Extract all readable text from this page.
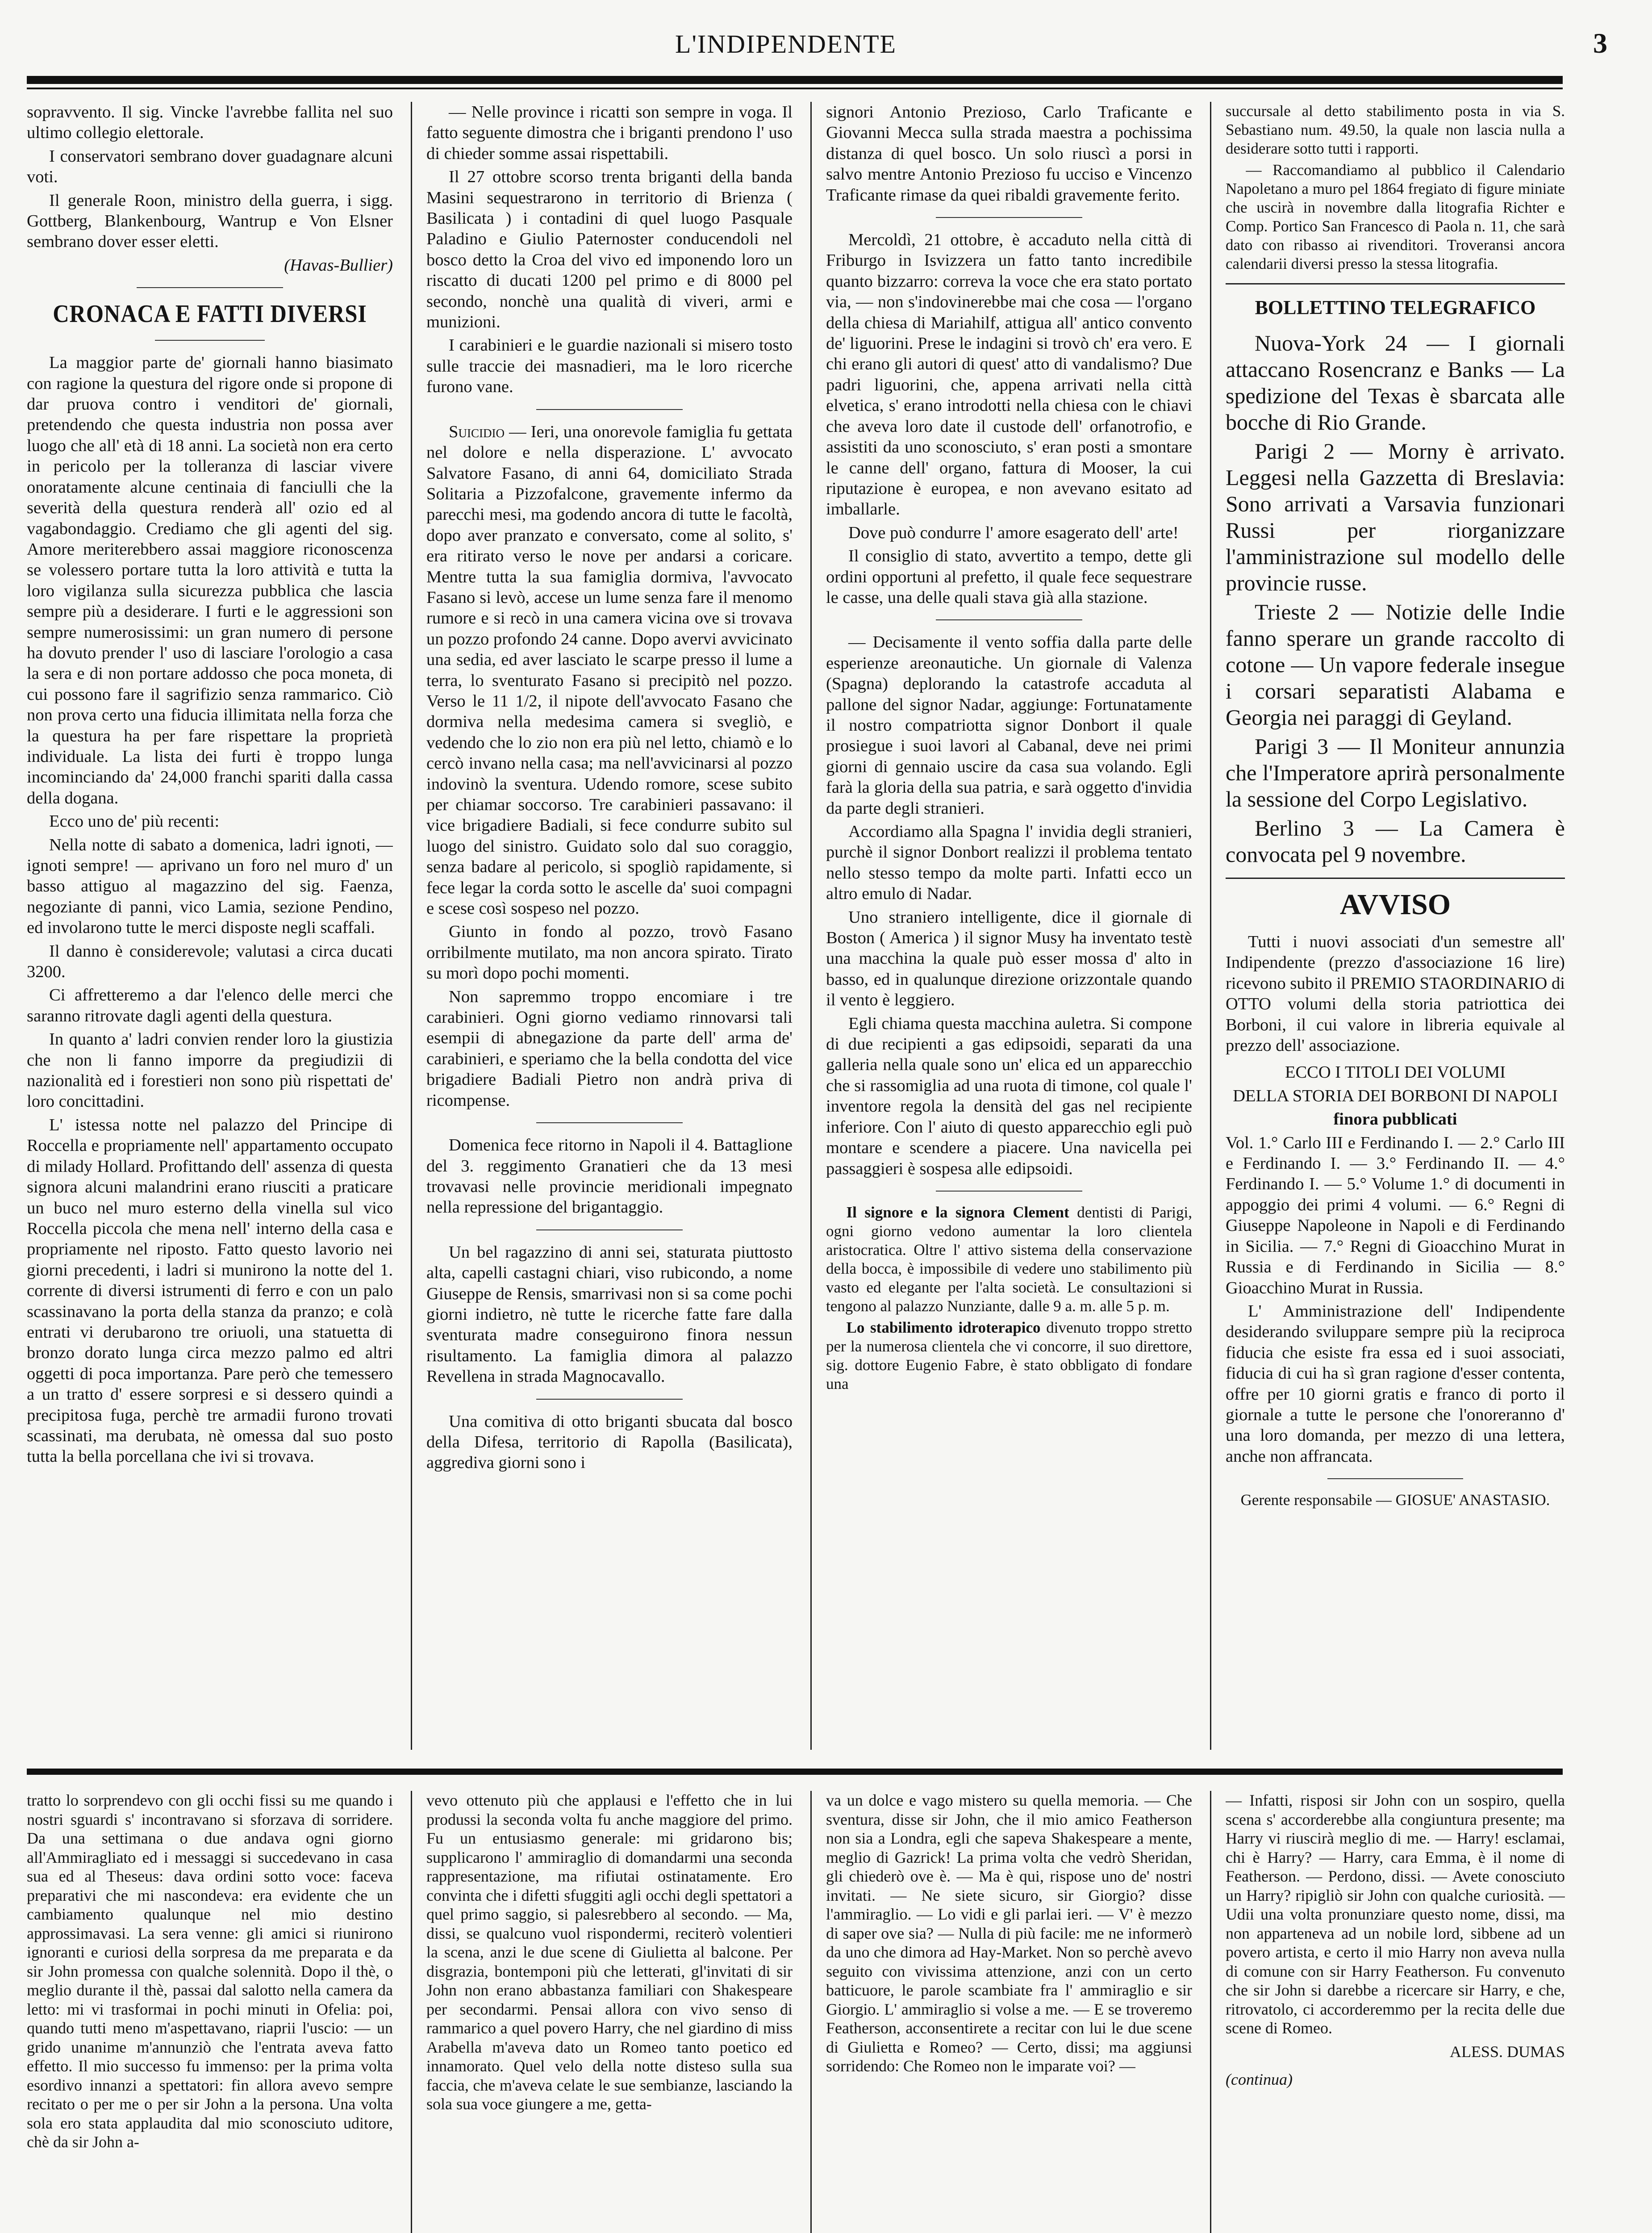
L'INDIPENDENTE	3

sopravvento. Il sig. Vincke l'avrebbe fallita nel suo ultimo collegio elettorale.

I conservatori sembrano dover guadagnare alcuni voti.

Il generale Roon, ministro della guerra, i sigg. Gottberg, Blankenbourg, Wantrup e Von Elsner sembrano dover esser eletti.

(Havas-Bullier)

CRONACA E FATTI DIVERSI

La maggior parte de' giornali hanno biasimato con ragione la questura del rigore onde si propone di dar pruova contro i venditori de' giornali, pretendendo che questa industria non possa aver luogo che all' età di 18 anni. La società non era certo in pericolo per la tolleranza di lasciar vivere onoratamente alcune centinaia di fanciulli che la severità della questura renderà all' ozio ed al vagabondaggio. Crediamo che gli agenti del sig. Amore meriterebbero assai maggiore riconoscenza se volessero portare tutta la loro attività e tutta la loro vigilanza sulla sicurezza pubblica che lascia sempre più a desiderare. I furti e le aggressioni son sempre numerosissimi: un gran numero di persone ha dovuto prender l' uso di lasciare l'orologio a casa la sera e di non portare addosso che poca moneta, di cui possono fare il sagrifizio senza rammarico. Ciò non prova certo una fiducia illimitata nella forza che la questura ha per fare rispettare la proprietà individuale. La lista dei furti è troppo lunga incominciando da' 24,000 franchi spariti dalla cassa della dogana.

Ecco uno de' più recenti:

Nella notte di sabato a domenica, ladri ignoti, — ignoti sempre! — aprivano un foro nel muro d' un basso attiguo al magazzino del sig. Faenza, negoziante di panni, vico Lamia, sezione Pendino, ed involarono tutte le merci disposte negli scaffali.

Il danno è considerevole; valutasi a circa ducati 3200.

Ci affretteremo a dar l'elenco delle merci che saranno ritrovate dagli agenti della questura.

In quanto a' ladri convien render loro la giustizia che non li fanno imporre da pregiudizii di nazionalità ed i forestieri non sono più rispettati de' loro concittadini.

L' istessa notte nel palazzo del Principe di Roccella e propriamente nell' appartamento occupato di milady Hollard. Profittando dell' assenza di questa signora alcuni malandrini erano riusciti a praticare un buco nel muro esterno della vinella sul vico Roccella piccola che mena nell' interno della casa e propriamente nel riposto. Fatto questo lavorio nei giorni precedenti, i ladri si munirono la notte del 1. corrente di diversi istrumenti di ferro e con un palo scassinavano la porta della stanza da pranzo; e colà entrati vi derubarono tre oriuoli, una statuetta di bronzo dorato lunga circa mezzo palmo ed altri oggetti di poca importanza. Pare però che temessero a un tratto d' essere sorpresi e si dessero quindi a precipitosa fuga, perchè tre armadii furono trovati scassinati, ma derubata, nè omessa dal suo posto tutta la bella porcellana che ivi si trovava.

— Nelle province i ricatti son sempre in voga. Il fatto seguente dimostra che i briganti prendono l' uso di chieder somme assai rispettabili.

Il 27 ottobre scorso trenta briganti della banda Masini sequestrarono in territorio di Brienza ( Basilicata ) i contadini di quel luogo Pasquale Paladino e Giulio Paternoster conducendoli nel bosco detto la Croa del vivo ed imponendo loro un riscatto di ducati 1200 pel primo e di 8000 pel secondo, nonchè una qualità di viveri, armi e munizioni.

I carabinieri e le guardie nazionali si misero tosto sulle traccie dei masnadieri, ma le loro ricerche furono vane.

Suicidio — Ieri, una onorevole famiglia fu gettata nel dolore e nella disperazione. L' avvocato Salvatore Fasano, di anni 64, domiciliato Strada Solitaria a Pizzofalcone, gravemente infermo da parecchi mesi, ma godendo ancora di tutte le facoltà, dopo aver pranzato e conversato, come al solito, s' era ritirato verso le nove per andarsi a coricare. Mentre tutta la sua famiglia dormiva, l'avvocato Fasano si levò, accese un lume senza fare il menomo rumore e si recò in una camera vicina ove si trovava un pozzo profondo 24 canne. Dopo avervi avvicinato una sedia, ed aver lasciato le scarpe presso il lume a terra, lo sventurato Fasano si precipitò nel pozzo. Verso le 11 1/2, il nipote dell'avvocato Fasano che dormiva nella medesima camera si svegliò, e vedendo che lo zio non era più nel letto, chiamò e lo cercò invano nella casa; ma nell'avvicinarsi al pozzo indovinò la sventura. Udendo romore, scese subito per chiamar soccorso. Tre carabinieri passavano: il vice brigadiere Badiali, si fece condurre subito sul luogo del sinistro. Guidato solo dal suo coraggio, senza badare al pericolo, si spogliò rapidamente, si fece legar la corda sotto le ascelle da' suoi compagni e scese così sospeso nel pozzo.

Giunto in fondo al pozzo, trovò Fasano orribilmente mutilato, ma non ancora spirato. Tirato su morì dopo pochi momenti.

Non sapremmo troppo encomiare i tre carabinieri. Ogni giorno vediamo rinnovarsi tali esempii di abnegazione da parte dell' arma de' carabinieri, e speriamo che la bella condotta del vice brigadiere Badiali Pietro non andrà priva di ricompense.

Domenica fece ritorno in Napoli il 4. Battaglione del 3. reggimento Granatieri che da 13 mesi trovavasi nelle provincie meridionali impegnato nella repressione del brigantaggio.

Un bel ragazzino di anni sei, staturata piuttosto alta, capelli castagni chiari, viso rubicondo, a nome Giuseppe de Rensis, smarrivasi non si sa come pochi giorni indietro, nè tutte le ricerche fatte fare dalla sventurata madre conseguirono finora nessun risultamento. La famiglia dimora al palazzo Revellena in strada Magnocavallo.

Una comitiva di otto briganti sbucata dal bosco della Difesa, territorio di Rapolla (Basilicata), aggrediva giorni sono i

signori Antonio Prezioso, Carlo Traficante e Giovanni Mecca sulla strada maestra a pochissima distanza di quel bosco. Un solo riuscì a porsi in salvo mentre Antonio Prezioso fu ucciso e Vincenzo Traficante rimase da quei ribaldi gravemente ferito.

Mercoldì, 21 ottobre, è accaduto nella città di Friburgo in Isvizzera un fatto tanto incredibile quanto bizzarro: correva la voce che era stato portato via, — non s'indovinerebbe mai che cosa — l'organo della chiesa di Mariahilf, attigua all' antico convento de' liguorini. Prese le indagini si trovò ch' era vero. E chi erano gli autori di quest' atto di vandalismo? Due padri liguorini, che, appena arrivati nella città elvetica, s' erano introdotti nella chiesa con le chiavi che aveva loro date il custode dell' orfanotrofio, e assistiti da uno sconosciuto, s' eran posti a smontare le canne dell' organo, fattura di Mooser, la cui riputazione è europea, e non avevano esitato ad imballarle.

Dove può condurre l' amore esagerato dell' arte!

Il consiglio di stato, avvertito a tempo, dette gli ordini opportuni al prefetto, il quale fece sequestrare le casse, una delle quali stava già alla stazione.

— Decisamente il vento soffia dalla parte delle esperienze areonautiche. Un giornale di Valenza (Spagna) deplorando la catastrofe accaduta al pallone del signor Nadar, aggiunge: Fortunatamente il nostro compatriotta signor Donbort il quale prosiegue i suoi lavori al Cabanal, deve nei primi giorni di gennaio uscire da casa sua volando. Egli farà la gloria della sua patria, e sarà oggetto d'invidia da parte degli stranieri.

Accordiamo alla Spagna l' invidia degli stranieri, purchè il signor Donbort realizzi il problema tentato nello stesso tempo da molte parti. Infatti ecco un altro emulo di Nadar.

Uno straniero intelligente, dice il giornale di Boston ( America ) il signor Musy ha inventato testè una macchina la quale può esser mossa d' alto in basso, ed in qualunque direzione orizzontale quando il vento è leggiero.

Egli chiama questa macchina auletra. Si compone di due recipienti a gas edipsoidi, separati da una galleria nella quale sono un' elica ed un apparecchio che si rassomiglia ad una ruota di timone, col quale l' inventore regola la densità del gas nel recipiente inferiore. Con l' aiuto di questo apparecchio egli può montare e scendere a piacere. Una navicella pei passaggieri è sospesa alle edipsoidi.

Il signore e la signora Clement dentisti di Parigi, ogni giorno vedono aumentar la loro clientela aristocratica. Oltre l' attivo sistema della conservazione della bocca, è impossibile di vedere uno stabilimento più vasto ed elegante per l'alta società. Le consultazioni si tengono al palazzo Nunziante, dalle 9 a. m. alle 5 p. m.

Lo stabilimento idroterapico divenuto troppo stretto per la numerosa clientela che vi concorre, il suo direttore, sig. dottore Eugenio Fabre, è stato obbligato di fondare una

succursale al detto stabilimento posta in via S. Sebastiano num. 49.50, la quale non lascia nulla a desiderare sotto tutti i rapporti.

— Raccomandiamo al pubblico il Calendario Napoletano a muro pel 1864 fregiato di figure miniate che uscirà in novembre dalla litografia Richter e Comp. Portico San Francesco di Paola n. 11, che sarà dato con ribasso ai rivenditori. Troveransi ancora calendarii diversi presso la stessa litografia.

BOLLETTINO TELEGRAFICO

Nuova-York 24 — I giornali attaccano Rosencranz e Banks — La spedizione del Texas è sbarcata alle bocche di Rio Grande.

Parigi 2 — Morny è arrivato. Leggesi nella Gazzetta di Breslavia: Sono arrivati a Varsavia funzionari Russi per riorganizzare l'amministrazione sul modello delle provincie russe.

Trieste 2 — Notizie delle Indie fanno sperare un grande raccolto di cotone — Un vapore federale insegue i corsari separatisti Alabama e Georgia nei paraggi di Geyland.

Parigi 3 — Il Moniteur annunzia che l'Imperatore aprirà personalmente la sessione del Corpo Legislativo.

Berlino 3 — La Camera è convocata pel 9 novembre.

AVVISO

Tutti i nuovi associati d'un semestre all' Indipendente (prezzo d'associazione 16 lire) ricevono subito il PREMIO STAORDINARIO di OTTO volumi della storia patriottica dei Borboni, il cui valore in libreria equivale al prezzo dell' associazione.

ECCO I TITOLI DEI VOLUMI

DELLA STORIA DEI BORBONI DI NAPOLI

finora pubblicati

Vol. 1.° Carlo III e Ferdinando I. — 2.° Carlo III e Ferdinando I. — 3.° Ferdinando II. — 4.° Ferdinando I. — 5.° Volume 1.° di documenti in appoggio dei primi 4 volumi. — 6.° Regni di Giuseppe Napoleone in Napoli e di Ferdinando in Sicilia. — 7.° Regni di Gioacchino Murat in Russia e di Ferdinando in Sicilia — 8.° Gioacchino Murat in Russia.

L' Amministrazione dell' Indipendente desiderando sviluppare sempre più la reciproca fiducia che esiste fra essa ed i suoi associati, fiducia di cui ha sì gran ragione d'esser contenta, offre per 10 giorni gratis e franco di porto il giornale a tutte le persone che l'onoreranno d' una loro domanda, per mezzo di una lettera, anche non affrancata.

Gerente responsabile — GIOSUE' ANASTASIO.

tratto lo sorprendevo con gli occhi fissi su me quando i nostri sguardi s' incontravano si sforzava di sorridere. Da una settimana o due andava ogni giorno all'Ammiragliato ed i messaggi si succedevano in casa sua ed al Theseus: dava ordini sotto voce: faceva preparativi che mi nascondeva: era evidente che un cambiamento qualunque nel mio destino approssimavasi. La sera venne: gli amici si riunirono ignoranti e curiosi della sorpresa da me preparata e da sir John promessa con qualche solennità. Dopo il thè, o meglio durante il thè, passai dal salotto nella camera da letto: mi vi trasformai in pochi minuti in Ofelia: poi, quando tutti meno m'aspettavano, riaprii l'uscio: — un grido unanime m'annunziò che l'entrata aveva fatto effetto. Il mio successo fu immenso: per la prima volta esordivo innanzi a spettatori: fin allora avevo sempre recitato o per me o per sir John a la persona. Una volta sola ero stata applaudita dal mio sconosciuto uditore, chè da sir John a-

vevo ottenuto più che applausi e l'effetto che in lui produssi la seconda volta fu anche maggiore del primo. Fu un entusiasmo generale: mi gridarono bis; supplicarono l' ammiraglio di domandarmi una seconda rappresentazione, ma rifiutai ostinatamente. Ero convinta che i difetti sfuggiti agli occhi degli spettatori a quel primo saggio, si palesrebbero al secondo. — Ma, dissi, se qualcuno vuol rispondermi, reciterò volentieri la scena, anzi le due scene di Giulietta al balcone. Per disgrazia, bontemponi più che letterati, gl'invitati di sir John non erano abbastanza familiari con Shakespeare per secondarmi. Pensai allora con vivo senso di rammarico a quel povero Harry, che nel giardino di miss Arabella m'aveva dato un Romeo tanto poetico ed innamorato. Quel velo della notte disteso sulla sua faccia, che m'aveva celate le sue sembianze, lasciando la sola sua voce giungere a me, getta-

va un dolce e vago mistero su quella memoria. — Che sventura, disse sir John, che il mio amico Featherson non sia a Londra, egli che sapeva Shakespeare a mente, meglio di Gazrick! La prima volta che vedrò Sheridan, gli chiederò ove è. — Ma è qui, rispose uno de' nostri invitati. — Ne siete sicuro, sir Giorgio? disse l'ammiraglio. — Lo vidi e gli parlai ieri. — V' è mezzo di saper ove sia? — Nulla di più facile: me ne informerò da uno che dimora ad Hay-Market. Non so perchè avevo seguito con vivissima attenzione, anzi con un certo batticuore, le parole scambiate fra l' ammiraglio e sir Giorgio. L' ammiraglio si volse a me. — E se troveremo Featherson, acconsentirete a recitar con lui le due scene di Giulietta e Romeo? — Certo, dissi; ma aggiunsi sorridendo: Che Romeo non le imparate voi? —

— Infatti, risposi sir John con un sospiro, quella scena s' accorderebbe alla congiuntura presente; ma Harry vi riuscirà meglio di me. — Harry! esclamai, chi è Harry? — Harry, cara Emma, è il nome di Featherson. — Perdono, dissi. — Avete conosciuto un Harry? ripigliò sir John con qualche curiosità. — Udii una volta pronunziare questo nome, dissi, ma non apparteneva ad un nobile lord, sibbene ad un povero artista, e certo il mio Harry non aveva nulla di comune con sir Harry Featherson. Fu convenuto che sir John si darebbe a ricercare sir Harry, e che, ritrovatolo, ci accorderemmo per la recita delle due scene di Romeo.

ALESS. DUMAS

(continua)
